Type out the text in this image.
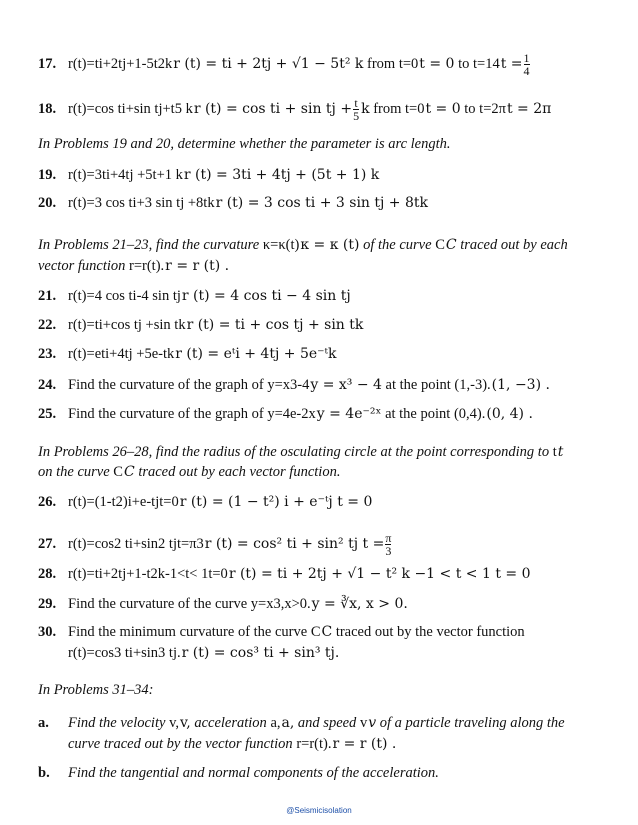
17. r(t)=ti+2tj+1-5t2kr (t) = ti + 2tj + √1 − 5t² k from t=0t = 0 to $t=14t = \frac{1}{4}$
18. r(t)=cos ti+sin tj+t5 kr (t) = cos ti + sin tj + $\frac{t}{5}$ k from t=0t = 0 to t=2πt = 2π
In Problems 19 and 20, determine whether the parameter is arc length.
19. r(t)=3ti+4tj +5t+1 kr (t) = 3ti + 4tj + (5t + 1) k
20. r(t)=3 cos ti+3 sin tj +8tkr (t) = 3 cos ti + 3 sin tj + 8tk
In Problems 21–23, find the curvature κ=κ(t)κ = κ (t) of the curve CC traced out by each
vector function r=r(t).r = r (t) .
21. r(t)=4 cos ti-4 sin tjr (t) = 4 cos ti − 4 sin tj
22. r(t)=ti+cos tj +sin tkr (t) = ti + cos tj + sin tk
23. r(t)=eti+4tj +5e-tkr (t) = eᵗi + 4tj + 5e⁻ᵗk
24. Find the curvature of the graph of y=x3-4y = x³ − 4 at the point (1,-3).(1, −3) .
25. Find the curvature of the graph of y=4e-2xy = 4e⁻²ˣ at the point (0,4).(0, 4) .
In Problems 26–28, find the radius of the osculating circle at the point corresponding to tt
on the curve CC traced out by each vector function.
26. r(t)=(1-t2)i+e-tjt=0r (t) = (1 − t²) i + e⁻ᵗj t = 0
27. r(t)=cos2 ti+sin2 tjt=π3r (t) = cos² ti + sin² tj $t = \frac{\pi}{3}$
28. r(t)=ti+2tj+1-t2k-1<t< 1t=0r (t) = ti + 2tj + √1 − t² k −1 < t < 1 t = 0
29. Find the curvature of the curve y=x3,x>0.y = ∛x, x > 0.
30. Find the minimum curvature of the curve CC traced out by the vector function
r(t)=cos3 ti+sin3 tj.r (t) = cos³ ti + sin³ tj.
In Problems 31–34:
a. Find the velocity v,v, acceleration a,a, and speed vv of a particle traveling along the
curve traced out by the vector function r=r(t).r = r (t) .
b. Find the tangential and normal components of the acceleration.
@Seismicisolation
